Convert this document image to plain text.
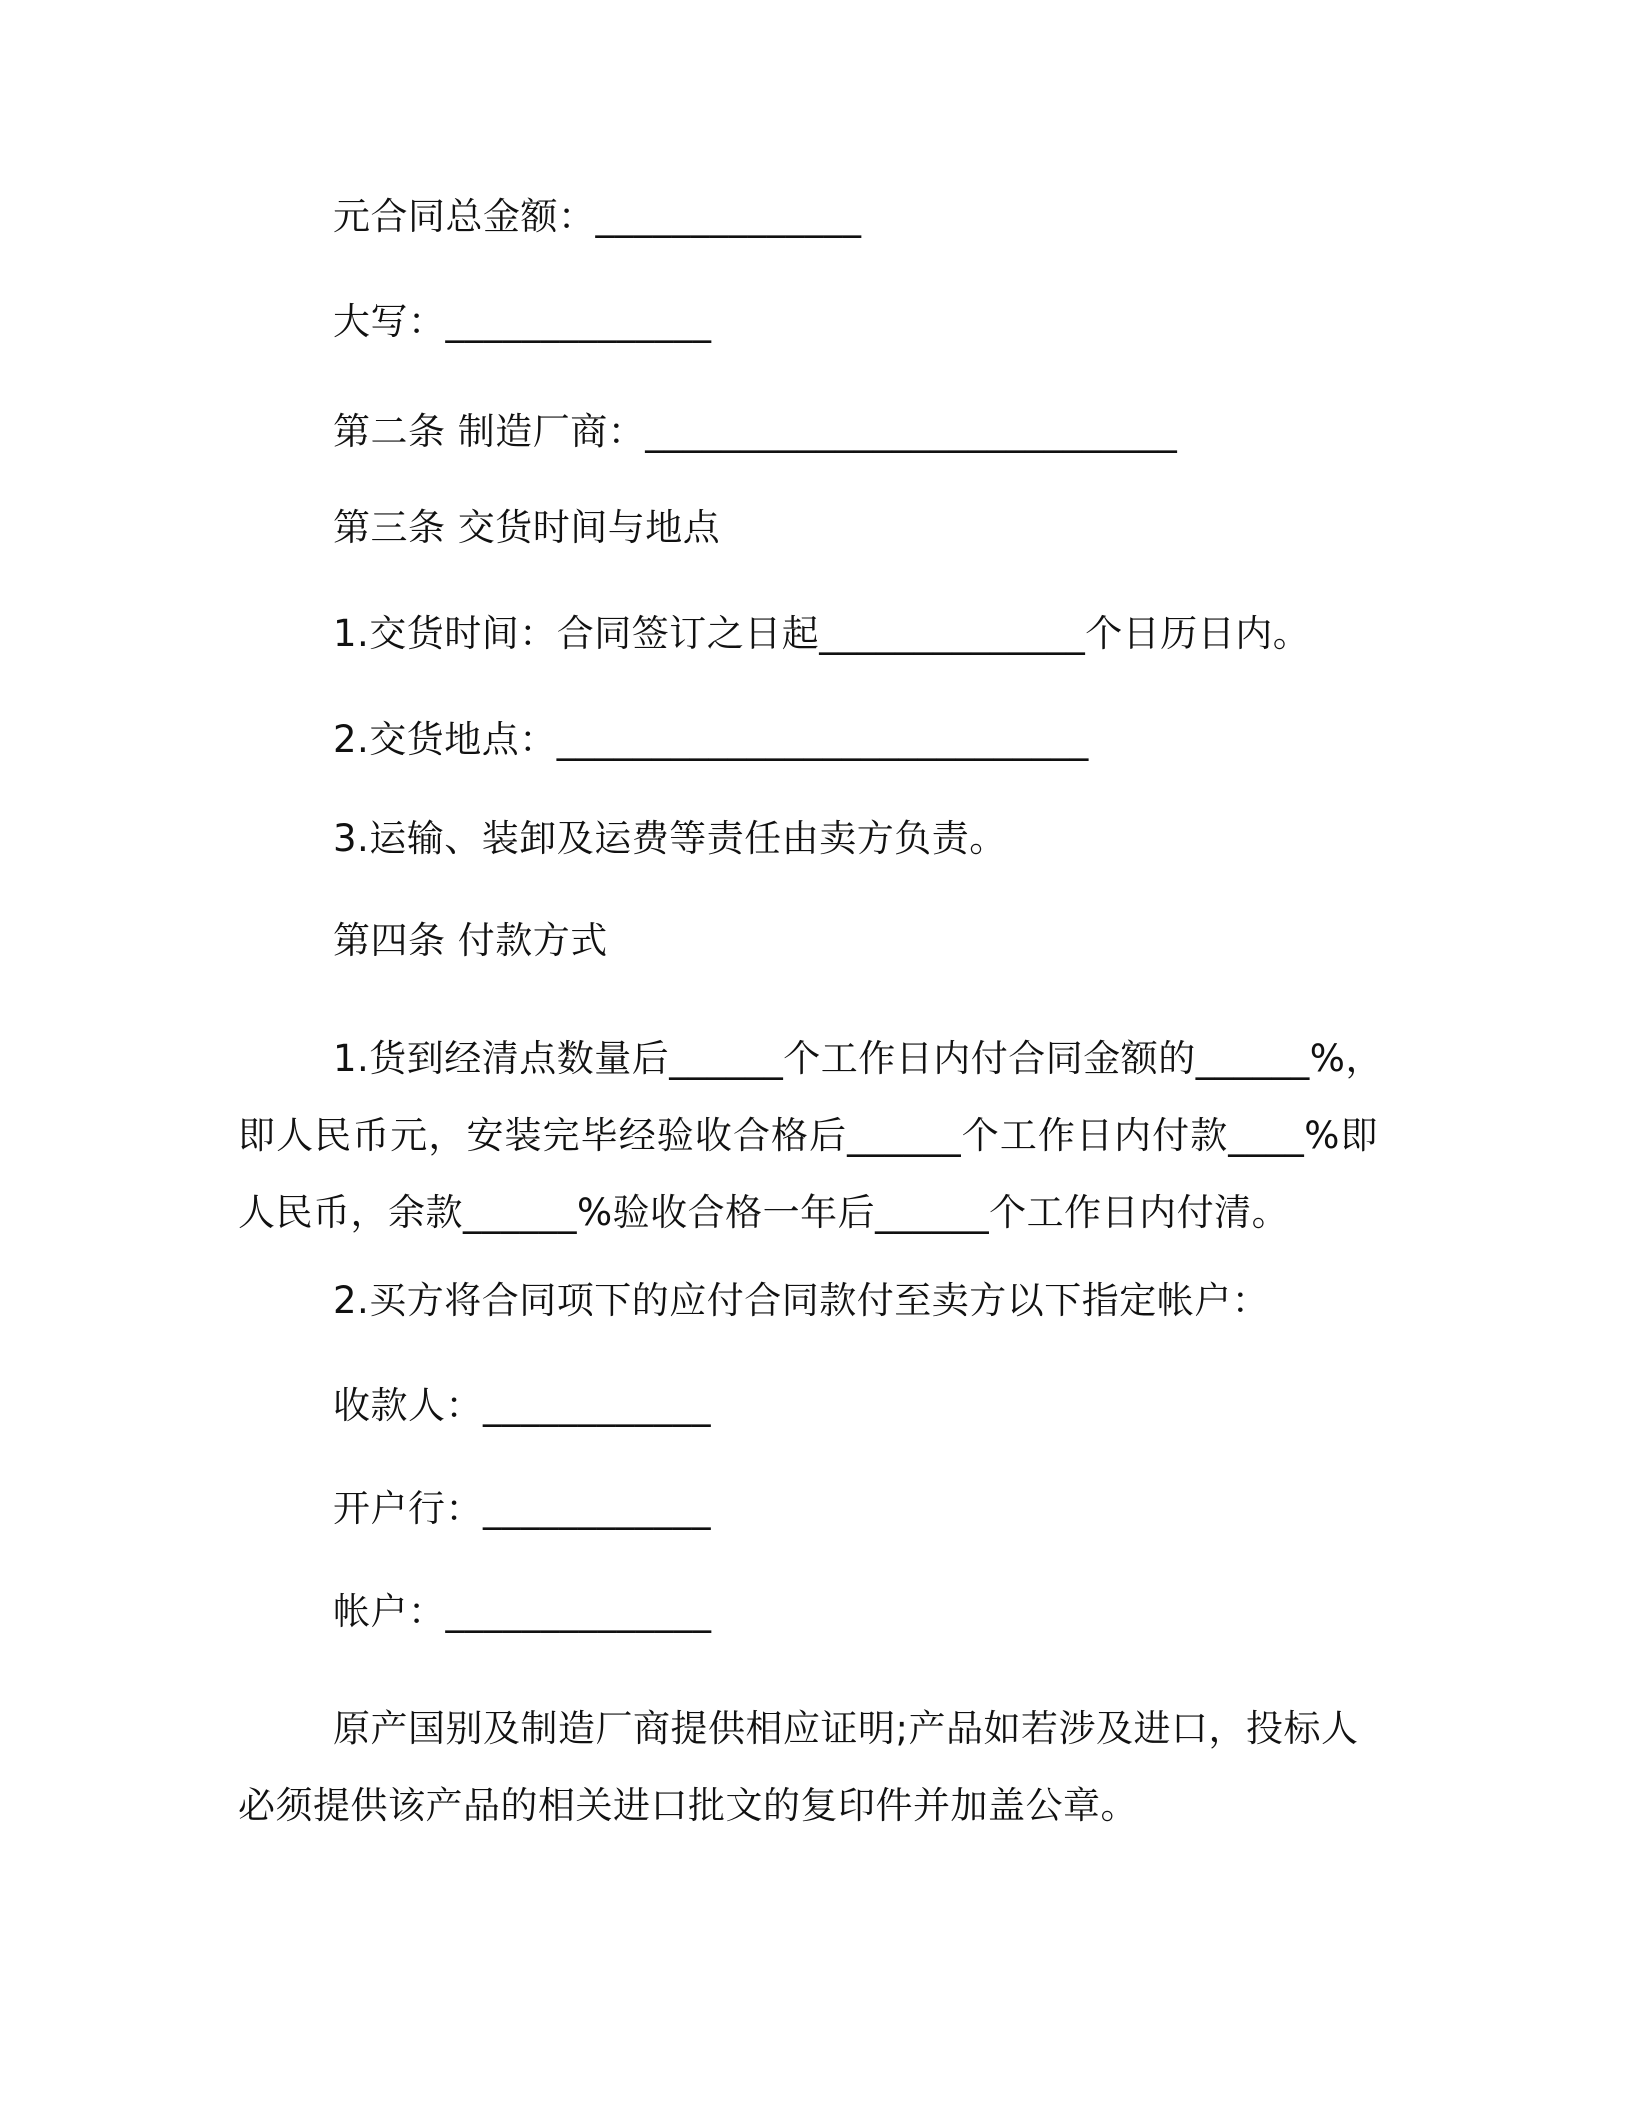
元合同总金额：______________
大写：______________
第二条 制造厂商：____________________________
第三条 交货时间与地点
1.交货时间：合同签订之日起______________个日历日内。
2.交货地点：____________________________
3.运输、装卸及运费等责任由卖方负责。
第四条 付款方式
1.货到经清点数量后______个工作日内付合同金额的______%，
即人民币元，安装完毕经验收合格后______个工作日内付款____%即
人民币，余款______%验收合格一年后______个工作日内付清。
2.买方将合同项下的应付合同款付至卖方以下指定帐户：
收款人：____________
开户行：____________
帐户：______________
原产国别及制造厂商提供相应证明;产品如若涉及进口，投标人
必须提供该产品的相关进口批文的复印件并加盖公章。
